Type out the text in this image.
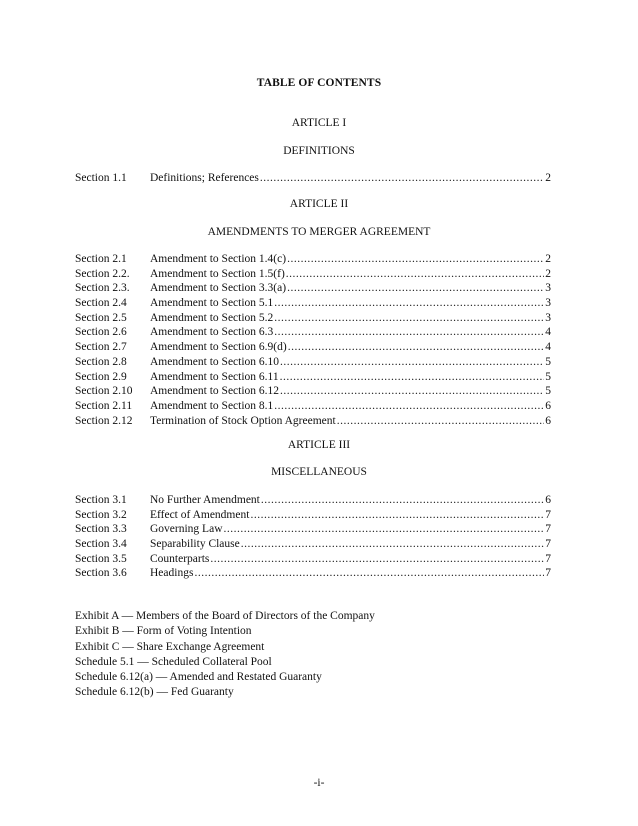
TABLE OF CONTENTS
ARTICLE I
DEFINITIONS
Section 1.1	Definitions; References .....	2
ARTICLE II
AMENDMENTS TO MERGER AGREEMENT
Section 2.1	Amendment to Section 1.4(c) .....	2
Section 2.2.	Amendment to Section 1.5(f) .....	2
Section 2.3.	Amendment to Section 3.3(a) .....	3
Section 2.4	Amendment to Section 5.1 .....	3
Section 2.5	Amendment to Section 5.2 .....	3
Section 2.6	Amendment to Section 6.3 .....	4
Section 2.7	Amendment to Section 6.9(d) .....	4
Section 2.8	Amendment to Section 6.10 .....	5
Section 2.9	Amendment to Section 6.11 .....	5
Section 2.10	Amendment to Section 6.12 .....	5
Section 2.11	Amendment to Section 8.1 .....	6
Section 2.12	Termination of Stock Option Agreement .....	6
ARTICLE III
MISCELLANEOUS
Section 3.1	No Further Amendment .....	6
Section 3.2	Effect of Amendment .....	7
Section 3.3	Governing Law .....	7
Section 3.4	Separability Clause .....	7
Section 3.5	Counterparts .....	7
Section 3.6	Headings .....	7
Exhibit A — Members of the Board of Directors of the Company
Exhibit B — Form of Voting Intention
Exhibit C — Share Exchange Agreement
Schedule 5.1 — Scheduled Collateral Pool
Schedule 6.12(a) — Amended and Restated Guaranty
Schedule 6.12(b) — Fed Guaranty
-i-
